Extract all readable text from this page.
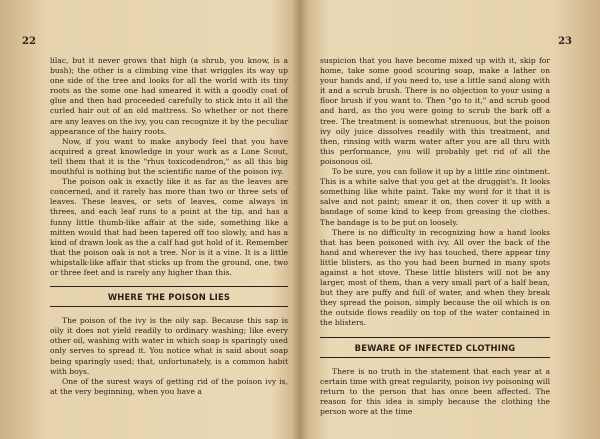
22

lilac, but it never grows that high (a shrub, you know, is a bush); the other is a climbing vine that wriggles its way up one side of the tree and looks for all the world with its tiny roots as the some one had smeared it with a goodly coat of glue and then had proceeded carefully to stick into it all the curled hair out of an old mattress. So whether or not there are any leaves on the ivy, you can recognize it by the peculiar appearance of the hairy roots.

Now, if you want to make anybody feel that you have acquired a great knowledge in your work as a Lone Scout, tell them that it is the "rhus toxicodendron," as all this big mouthful is nothing but the scientific name of the poison ivy.

The poison oak is exactly like it as far as the leaves are concerned, and it rarely has more than two or three sets of leaves. These leaves, or sets of leaves, come always in threes, and each leaf runs to a point at the tip, and has a funny little thumb-like affair at the side, something like a mitten would that had been tapered off too slowly, and has a kind of drawn look as the a calf had got hold of it. Remember that the poison oak is not a tree. Nor is it a vine. It is a little whipstalk-like affair that sticks up from the ground, one, two or three feet and is rarely any higher than this.

WHERE THE POISON LIES

The poison of the ivy is the oily sap. Because this sap is oily it does not yield readily to ordinary washing; like every other oil, washing with water in which soap is sparingly used only serves to spread it. You notice what is said about soap being sparingly used; that, unfortunately, is a common habit with boys.

One of the surest ways of getting rid of the poison ivy is, at the very beginning, when you have a

23

suspicion that you have become mixed up with it, skip for home, take some good scouring soap, make a lather on your hands and, if you need to, use a little sand along with it and a scrub brush. There is no objection to your using a floor brush if you want to. Then "go to it," and scrub good and hard, as tho you were going to scrub the bark off a tree. The treatment is somewhat strenuous, but the poison ivy oily juice dissolves readily with this treatment, and then, rinsing with warm water after you are all thru with this performance, you will probably get rid of all the poisonous oil.

To be sure, you can follow it up by a little zinc ointment. This is a white salve that you get at the druggist's. It looks something like white paint. Take my word for it that it is salve and not paint; smear it on, then cover it up with a bandage of some kind to keep from greasing the clothes. The bandage is to be put on loosely.

There is no difficulty in recognizing how a hand looks that has been poisoned with ivy. All over the back of the hand and wherever the ivy has touched, there appear tiny little blisters, as tho you had been burned in many spots against a hot stove. These little blisters will not be any larger, most of them, than a very small part of a half bean, but they are puffy and full of water, and when they break they spread the poison, simply because the oil which is on the outside flows readily on top of the water contained in the blisters.

BEWARE OF INFECTED CLOTHING

There is no truth in the statement that each year at a certain time with great regularity, poison ivy poisoning will return to the person that has once been affected. The reason for this idea is simply because the clothing the person wore at the time
